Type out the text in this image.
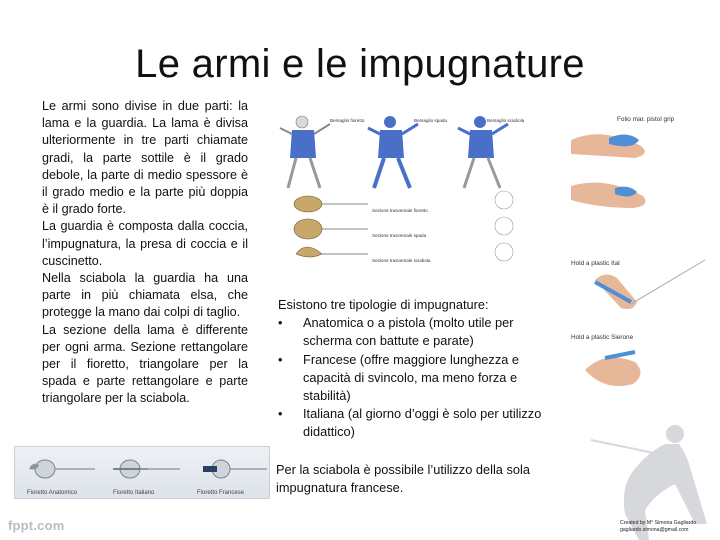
Le armi e le impugnature

Le armi sono divise in due parti: la lama e la guardia. La lama è divisa ulteriormente in tre parti chiamate gradi, la parte sottile è il grado debole, la parte di medio spessore è il grado medio e la parte più doppia è il grado forte.

La guardia è composta dalla coccia, l’impugnatura, la presa di coccia e il cuscinetto.

Nella sciabola la guardia ha una parte in più chiamata elsa, che protegge la mano dai colpi di taglio.

La sezione della lama è differente per ogni arma. Sezione rettangolare per il fioretto, triangolare per la spada e parte rettangolare e parte triangolare per la sciabola.

Fioretto Anatomico	Fioretto Italiano	Fioretto Francese
Bersaglio fioretto	Bersaglio spada	Bersaglio sciabola
Sezione trasversale fioretto
Sezione trasversale spada
Sezione trasversale sciabola
Folio mar. pistol grip
Hold a plastic Ital
Hold a plastic Sierone

Esistono tre tipologie di impugnature:

• Anatomica o a pistola (molto utile per scherma con battute e parate)
• Francese (offre maggiore lunghezza e capacità di svincolo, ma meno forza e stabilità)
• Italiana (al giorno d’oggi è solo per utilizzo didattico)

Per la sciabola è possibile l’utilizzo della sola impugnatura francese.

fppt.com	Created by M° Simona Gagliardo
gagliardo.simona@gmail.com
